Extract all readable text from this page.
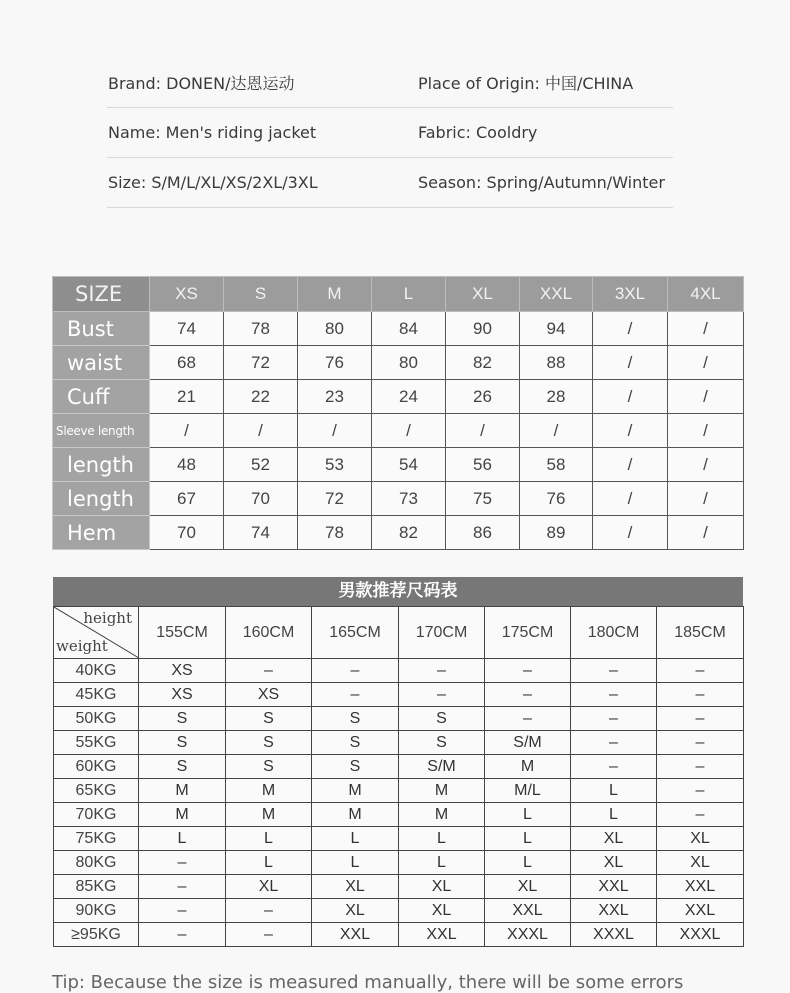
Brand: DONEN/达恩运动	Place of Origin: 中国/CHINA
Name: Men's riding jacket	Fabric: Cooldry
Size: S/M/L/XL/XS/2XL/3XL	Season: Spring/Autumn/Winter
SIZE	XS	S	M	L	XL	XXL	3XL	4XL
Bust	74	78	80	84	90	94	/	/
waist	68	72	76	80	82	88	/	/
Cuff	21	22	23	24	26	28	/	/
Sleeve length	/	/	/	/	/	/	/	/
length	48	52	53	54	56	58	/	/
length	67	70	72	73	75	76	/	/
Hem	70	74	78	82	86	89	/	/
男款推荐尺码表
height
weight	155CM	160CM	165CM	170CM	175CM	180CM	185CM
40KG	XS	–	–	–	–	–	–
45KG	XS	XS	–	–	–	–	–
50KG	S	S	S	S	–	–	–
55KG	S	S	S	S	S/M	–	–
60KG	S	S	S	S/M	M	–	–
65KG	M	M	M	M	M/L	L	–
70KG	M	M	M	M	L	L	–
75KG	L	L	L	L	L	XL	XL
80KG	–	L	L	L	L	XL	XL
85KG	–	XL	XL	XL	XL	XXL	XXL
90KG	–	–	XL	XL	XXL	XXL	XXL
≥95KG	–	–	XXL	XXL	XXXL	XXXL	XXXL
Tip: Because the size is measured manually, there will be some errors
